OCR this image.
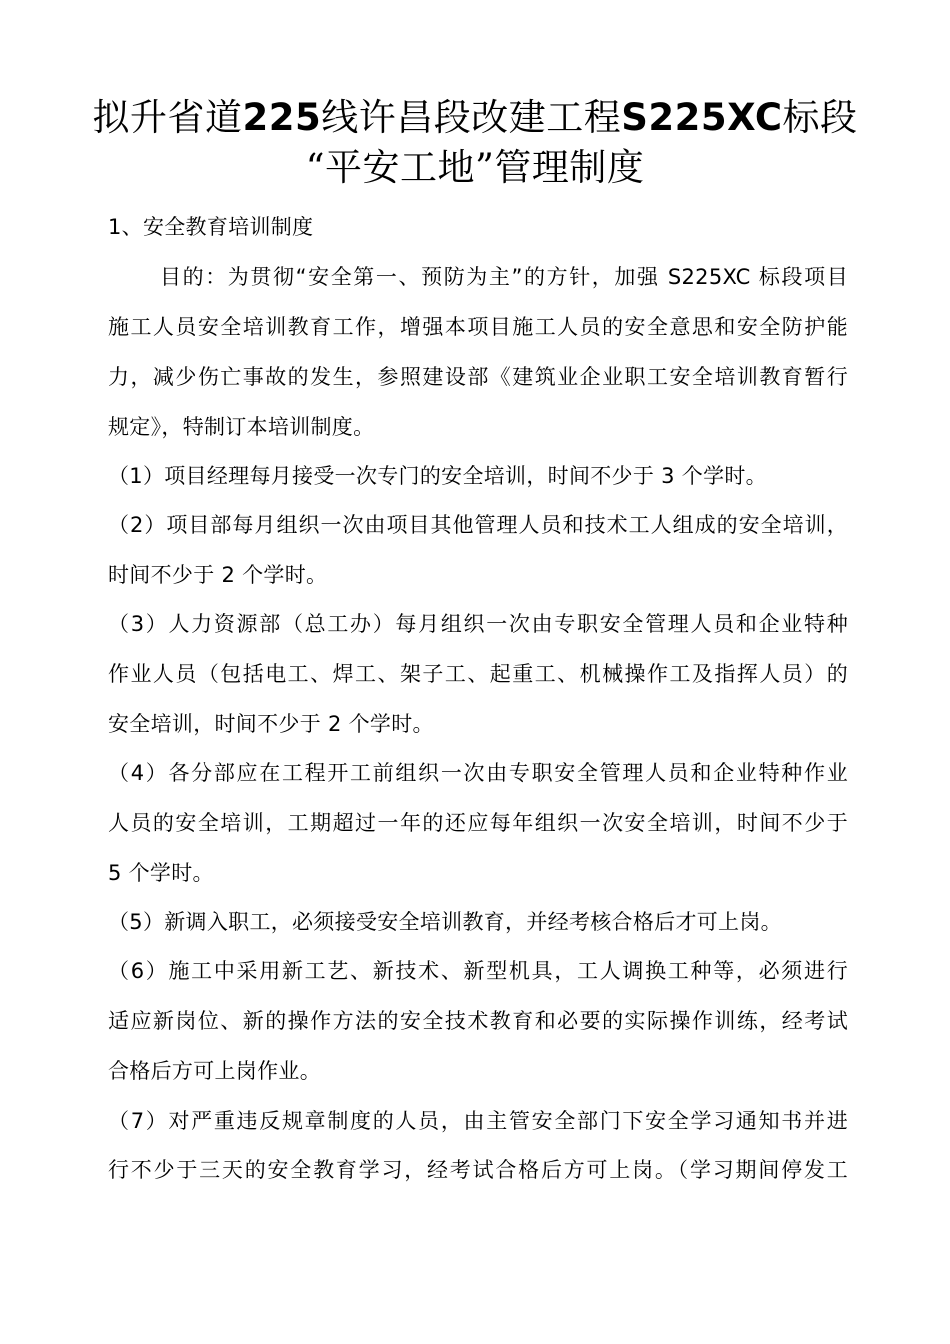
拟升省道225线许昌段改建工程S225XC标段
“平安工地”管理制度
1、安全教育培训制度
目的：为贯彻“安全第一、预防为主”的方针，加强 S225XC 标段项目
施工人员安全培训教育工作，增强本项目施工人员的安全意思和安全防护能
力，减少伤亡事故的发生，参照建设部《建筑业企业职工安全培训教育暂行
规定》，特制订本培训制度。
（1）项目经理每月接受一次专门的安全培训，时间不少于 3 个学时。
（2）项目部每月组织一次由项目其他管理人员和技术工人组成的安全培训，
时间不少于 2 个学时。
（3）人力资源部（总工办）每月组织一次由专职安全管理人员和企业特种
作业人员（包括电工、焊工、架子工、起重工、机械操作工及指挥人员）的
安全培训，时间不少于 2 个学时。
（4）各分部应在工程开工前组织一次由专职安全管理人员和企业特种作业
人员的安全培训，工期超过一年的还应每年组织一次安全培训，时间不少于
5 个学时。
（5）新调入职工，必须接受安全培训教育，并经考核合格后才可上岗。
（6）施工中采用新工艺、新技术、新型机具，工人调换工种等，必须进行
适应新岗位、新的操作方法的安全技术教育和必要的实际操作训练，经考试
合格后方可上岗作业。
（7）对严重违反规章制度的人员，由主管安全部门下安全学习通知书并进
行不少于三天的安全教育学习，经考试合格后方可上岗。（学习期间停发工
